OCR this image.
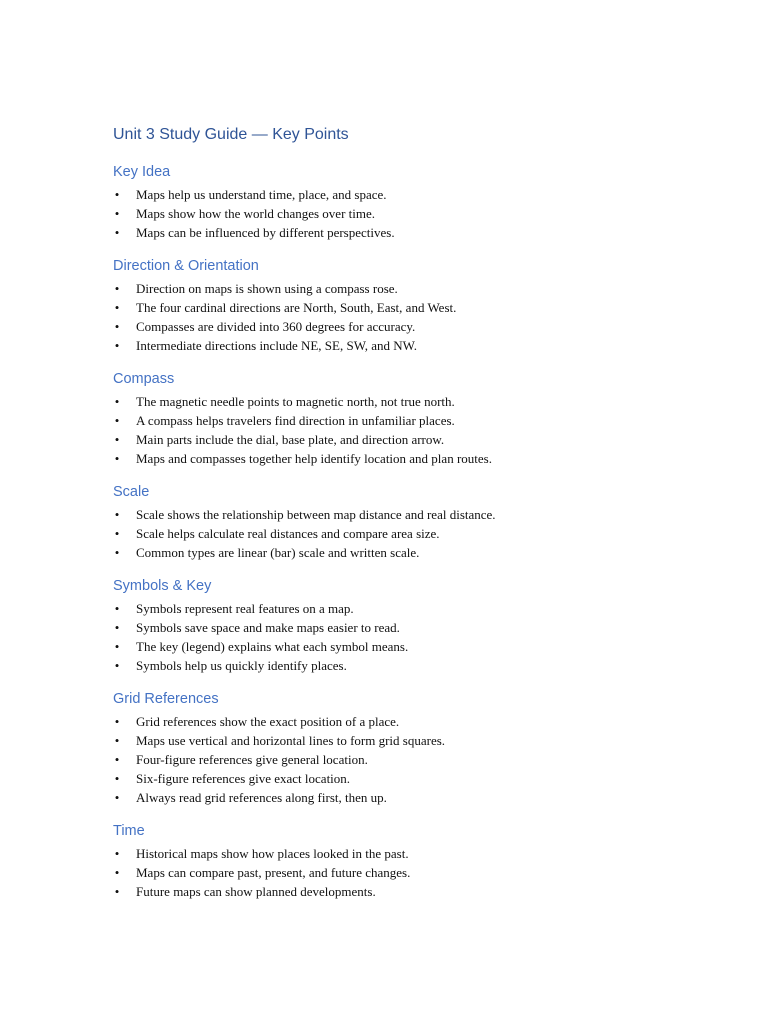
Unit 3 Study Guide — Key Points
Key Idea
• Maps help us understand time, place, and space.
• Maps show how the world changes over time.
• Maps can be influenced by different perspectives.
Direction & Orientation
• Direction on maps is shown using a compass rose.
• The four cardinal directions are North, South, East, and West.
• Compasses are divided into 360 degrees for accuracy.
• Intermediate directions include NE, SE, SW, and NW.
Compass
• The magnetic needle points to magnetic north, not true north.
• A compass helps travelers find direction in unfamiliar places.
• Main parts include the dial, base plate, and direction arrow.
• Maps and compasses together help identify location and plan routes.
Scale
• Scale shows the relationship between map distance and real distance.
• Scale helps calculate real distances and compare area size.
• Common types are linear (bar) scale and written scale.
Symbols & Key
• Symbols represent real features on a map.
• Symbols save space and make maps easier to read.
• The key (legend) explains what each symbol means.
• Symbols help us quickly identify places.
Grid References
• Grid references show the exact position of a place.
• Maps use vertical and horizontal lines to form grid squares.
• Four-figure references give general location.
• Six-figure references give exact location.
• Always read grid references along first, then up.
Time
• Historical maps show how places looked in the past.
• Maps can compare past, present, and future changes.
• Future maps can show planned developments.
